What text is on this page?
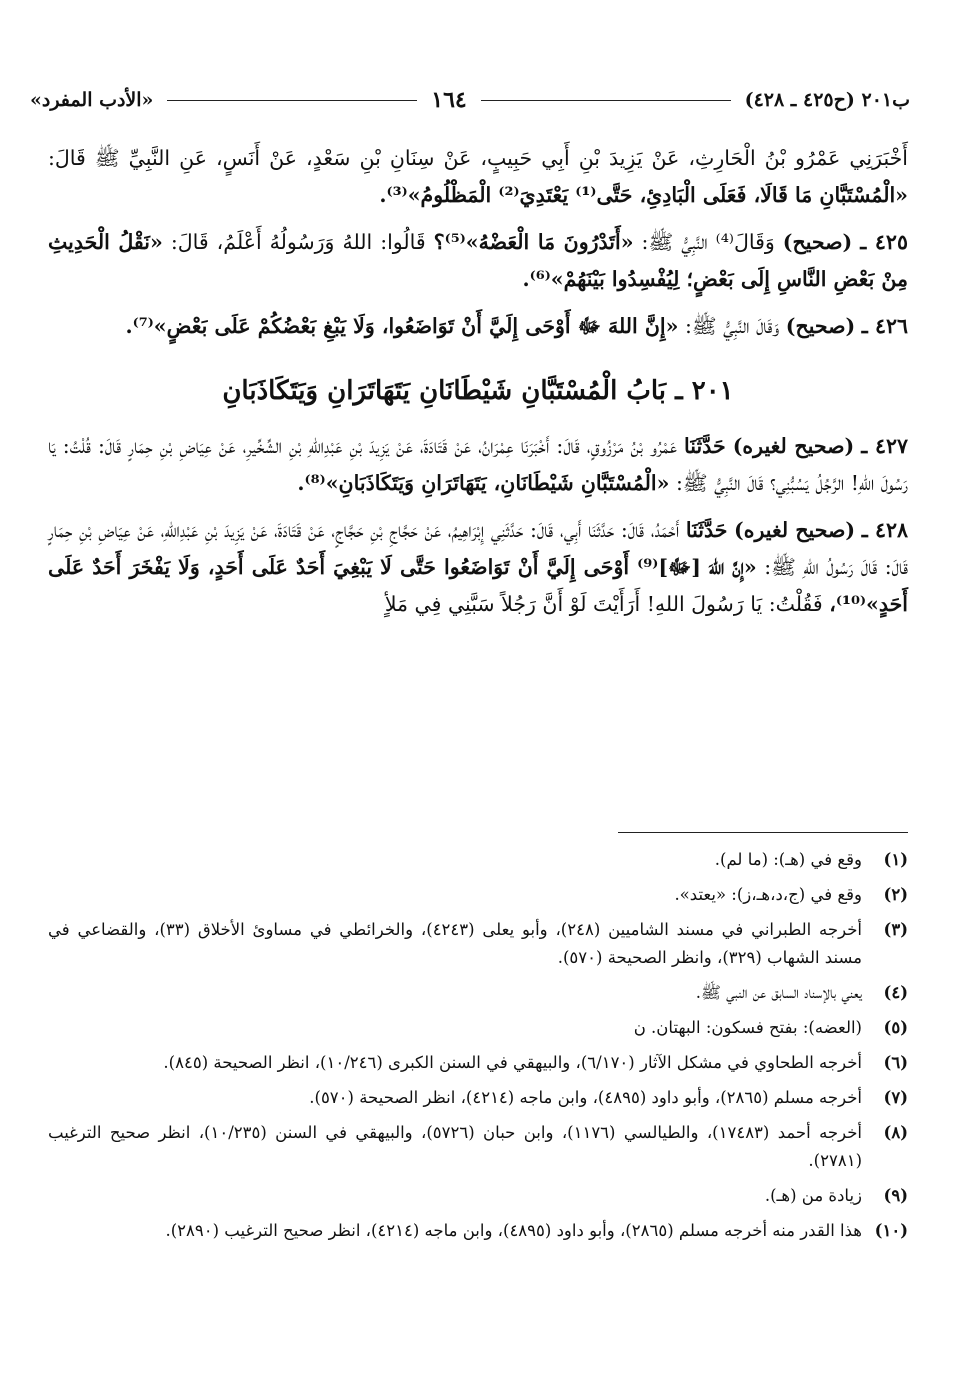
ب٢٠١ (ح٤٢٥ ـ ٤٢٨)
١٦٤
«الأدب المفرد»

أَخْبَرَنِي عَمْرُو بْنُ الْحَارِثِ، عَنْ يَزِيدَ بْنِ أَبِي حَبِيبٍ، عَنْ سِنَانِ بْنِ سَعْدٍ، عَنْ أَنَسٍ، عَنِ النَّبِيِّ ﷺ قَالَ: «الْمُسْتَبَّانِ مَا قَالَا، فَعَلَى الْبَادِئِ، حَتَّى⁽¹⁾ يَعْتَدِيَ⁽²⁾ الْمَظْلُومُ»⁽³⁾.

٤٢٥ ـ (صحيح) وَقَالَ⁽⁴⁾ النَّبِيُّ ﷺ: «أَتَدْرُونَ مَا الْعَضْهُ»⁽⁵⁾؟ قَالُوا: اللهُ وَرَسُولُهُ أَعْلَمُ، قَالَ: «نَقْلُ الْحَدِيثِ مِنْ بَعْضِ النَّاسِ إِلَى بَعْضٍ؛ لِيُفْسِدُوا بَيْنَهُمْ»⁽⁶⁾.

٤٢٦ ـ (صحيح) وَقَالَ النَّبِيُّ ﷺ: «إِنَّ اللهَ ﷻ أَوْحَى إِلَيَّ أَنْ تَوَاضَعُوا، وَلَا يَبْغِ بَعْضُكُمْ عَلَى بَعْضٍ»⁽⁷⁾.

٢٠١ ـ بَابُ الْمُسْتَبَّانِ شَيْطَانَانِ يَتَهَاتَرَانِ وَيَتَكَاذَبَانِ

٤٢٧ ـ (صحيح لغيره) حَدَّثَنَا عَمْرُو بْنُ مَرْزُوقٍ، قَالَ: أَخْبَرَنَا عِمْرَانُ، عَنْ قَتَادَةَ، عَنْ يَزِيدَ بْنِ عَبْدِاللهِ بْنِ الشِّخِّيرِ، عَنْ عِيَاضِ بْنِ حِمَارٍ قَالَ: قُلْتُ: يَا رَسُولَ اللهِ! الرَّجُلُ يَسُبُّنِي؟ قَالَ النَّبِيُّ ﷺ: «الْمُسْتَبَّانِ شَيْطَانَانِ، يَتَهَاتَرَانِ وَيَتَكَاذَبَانِ»⁽⁸⁾.

٤٢٨ ـ (صحيح لغيره) حَدَّثَنَا أَحْمَدُ، قَالَ: حَدَّثَنَا أَبِي، قَالَ: حَدَّثَنِي إِبْرَاهِيمُ، عَنْ حَجَّاجِ بْنِ حَجَّاجٍ، عَنْ قَتَادَةَ، عَنْ يَزِيدَ بْنِ عَبْدِاللهِ، عَنْ عِيَاضِ بْنِ حِمَارٍ قَالَ: قَالَ رَسُولُ اللهِ ﷺ: «إِنَّ اللهَ [ﷻ]⁽⁹⁾ أَوْحَى إِلَيَّ أَنْ تَوَاضَعُوا حَتَّى لَا يَبْغِيَ أَحَدٌ عَلَى أَحَدٍ، وَلَا يَفْخَرَ أَحَدٌ عَلَى أَحَدٍ»⁽¹⁰⁾، فَقُلْتُ: يَا رَسُولَ اللهِ! أَرَأَيْتَ لَوْ أَنَّ رَجُلاً سَبَّنِي فِي مَلأٍ

(١)
وقع في (هـ): (ما لم).
(٢)
وقع في (ج،د،هـ،ز): «يعتد».
(٣)
أخرجه الطبراني في مسند الشاميين (٢٤٨)، وأبو يعلى (٤٢٤٣)، والخرائطي في مساوئ الأخلاق (٣٣)، والقضاعي في مسند الشهاب (٣٢٩)، وانظر الصحيحة (٥٧٠).
(٤)
يعني بالإسناد السابق عن النبي ﷺ.
(٥)
(العضه): بفتح فسكون: البهتان. ن
(٦)
أخرجه الطحاوي في مشكل الآثار (٦/١٧٠)، والبيهقي في السنن الكبرى (١٠/٢٤٦)، انظر الصحيحة (٨٤٥).
(٧)
أخرجه مسلم (٢٨٦٥)، وأبو داود (٤٨٩٥)، وابن ماجه (٤٢١٤)، انظر الصحيحة (٥٧٠).
(٨)
أخرجه أحمد (١٧٤٨٣)، والطيالسي (١١٧٦)، وابن حبان (٥٧٢٦)، والبيهقي في السنن (١٠/٢٣٥)، انظر صحيح الترغيب (٢٧٨١).
(٩)
زيادة من (هـ).
(١٠)
هذا القدر منه أخرجه مسلم (٢٨٦٥)، وأبو داود (٤٨٩٥)، وابن ماجه (٤٢١٤)، انظر صحيح الترغيب (٢٨٩٠).
